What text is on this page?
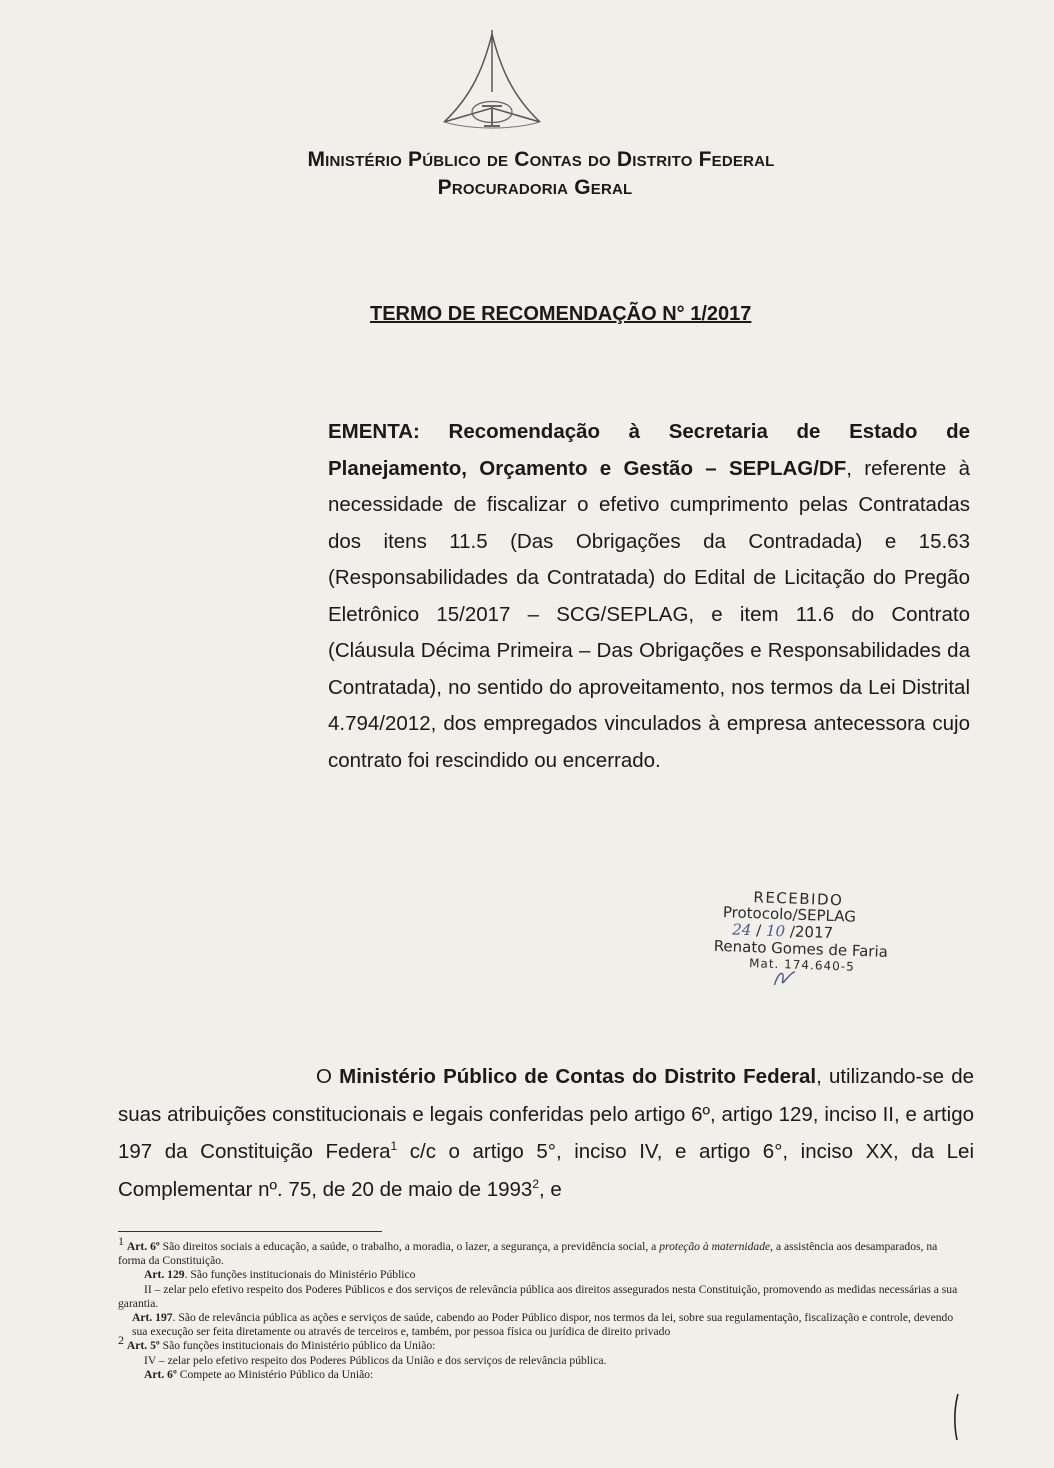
Ministério Público de Contas do Distrito Federal
Procuradoria Geral
TERMO DE RECOMENDAÇÃO N° 1/2017
EMENTA: Recomendação à Secretaria de Estado de Planejamento, Orçamento e Gestão – SEPLAG/DF, referente à necessidade de fiscalizar o efetivo cumprimento pelas Contratadas dos itens 11.5 (Das Obrigações da Contradada) e 15.63 (Responsabilidades da Contratada) do Edital de Licitação do Pregão Eletrônico 15/2017 – SCG/SEPLAG, e item 11.6 do Contrato (Cláusula Décima Primeira – Das Obrigações e Responsabilidades da Contratada), no sentido do aproveitamento, nos termos da Lei Distrital 4.794/2012, dos empregados vinculados à empresa antecessora cujo contrato foi rescindido ou encerrado.
RECEBIDO
Protocolo/SEPLAG
24 / 10 /2017
Renato Gomes de Faria
Mat. 174.640-5
O Ministério Público de Contas do Distrito Federal, utilizando-se de suas atribuições constitucionais e legais conferidas pelo artigo 6º, artigo 129, inciso II, e artigo 197 da Constituição Federa$^1$ c/c o artigo 5°, inciso IV, e artigo 6°, inciso XX, da Lei Complementar nº. 75, de 20 de maio de 1993$^2$, e

$^1$ Art. 6º São direitos sociais a educação, a saúde, o trabalho, a moradia, o lazer, a segurança, a previdência social, a proteção à maternidade, a assistência aos desamparados, na forma da Constituição.

Art. 129. São funções institucionais do Ministério Público

II – zelar pelo efetivo respeito dos Poderes Públicos e dos serviços de relevância pública aos direitos assegurados nesta Constituição, promovendo as medidas necessárias a sua garantia.

Art. 197. São de relevância pública as ações e serviços de saúde, cabendo ao Poder Público dispor, nos termos da lei, sobre sua regulamentação, fiscalização e controle, devendo sua execução ser feita diretamente ou através de terceiros e, também, por pessoa física ou jurídica de direito privado

$^2$ Art. 5º São funções institucionais do Ministério público da União:

IV – zelar pelo efetivo respeito dos Poderes Públicos da União e dos serviços de relevância pública.

Art. 6º Compete ao Ministério Público da União:
